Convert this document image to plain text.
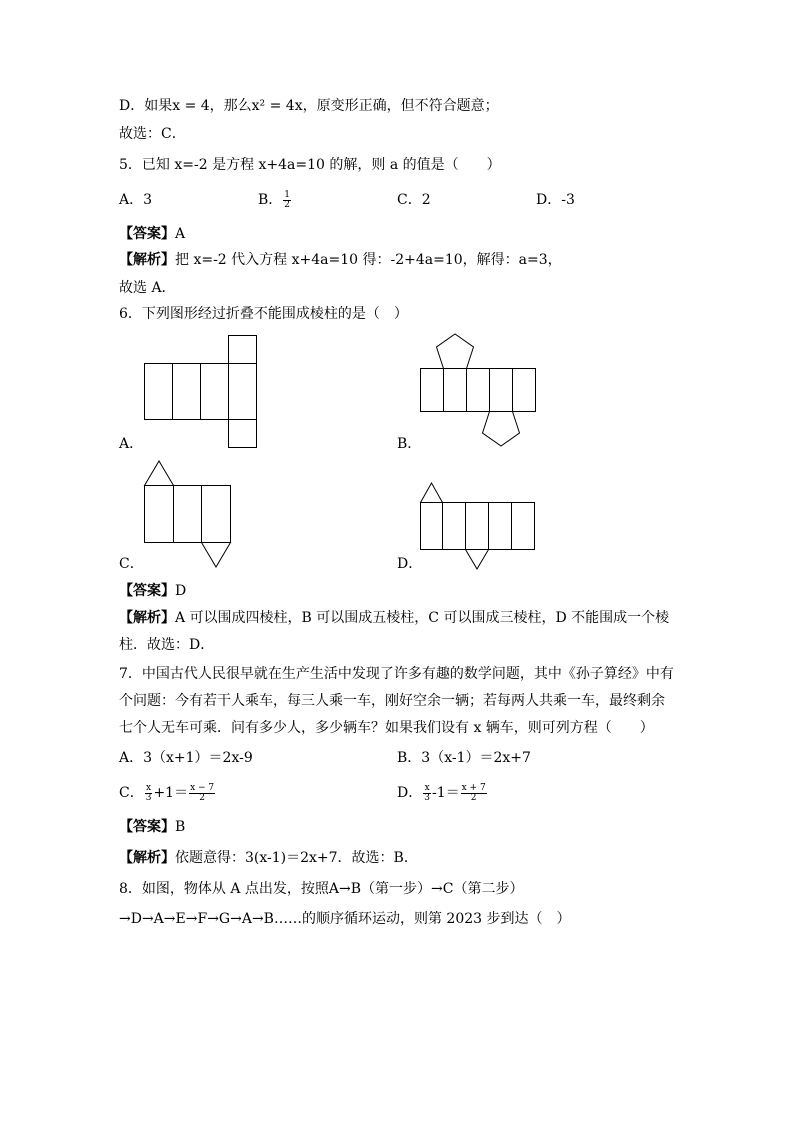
D．如果x = 4，那么x² = 4x，原变形正确，但不符合题意；
故选：C．
5．已知 x=-2 是方程 x+4a=10 的解，则 a 的值是（　　）
A．3	B． $\frac{1}{2}$	C．2	D．-3
【答案】A
【解析】把 x=-2 代入方程 x+4a=10 得：-2+4a=10，解得：a=3，
故选 A．
6．下列图形经过折叠不能围成棱柱的是（　）
A．	B．
C．	D．
【答案】D
【解析】A 可以围成四棱柱，B 可以围成五棱柱，C 可以围成三棱柱，D 不能围成一个棱
柱．故选：D．
7．中国古代人民很早就在生产生活中发现了许多有趣的数学问题，其中《孙子算经》中有
个问题：今有若干人乘车，每三人乘一车，刚好空余一辆；若每两人共乘一车，最终剩余
七个人无车可乘．问有多少人，多少辆车？如果我们设有 x 辆车，则可列方程（　　）
A．3（x+1）＝2x-9	B．3（x-1）＝2x+7
C． $\frac{x}{3} +1= \frac{x - 7}{2}$	D． $\frac{x}{3} -1= \frac{x + 7}{2}$
【答案】B
【解析】依题意得：3(x-1)＝2x+7．故选：B．
8．如图，物体从 A 点出发，按照A→B（第一步）→C（第二步）
→D→A→E→F→G→A→B……的顺序循环运动，则第 2023 步到达（　）
